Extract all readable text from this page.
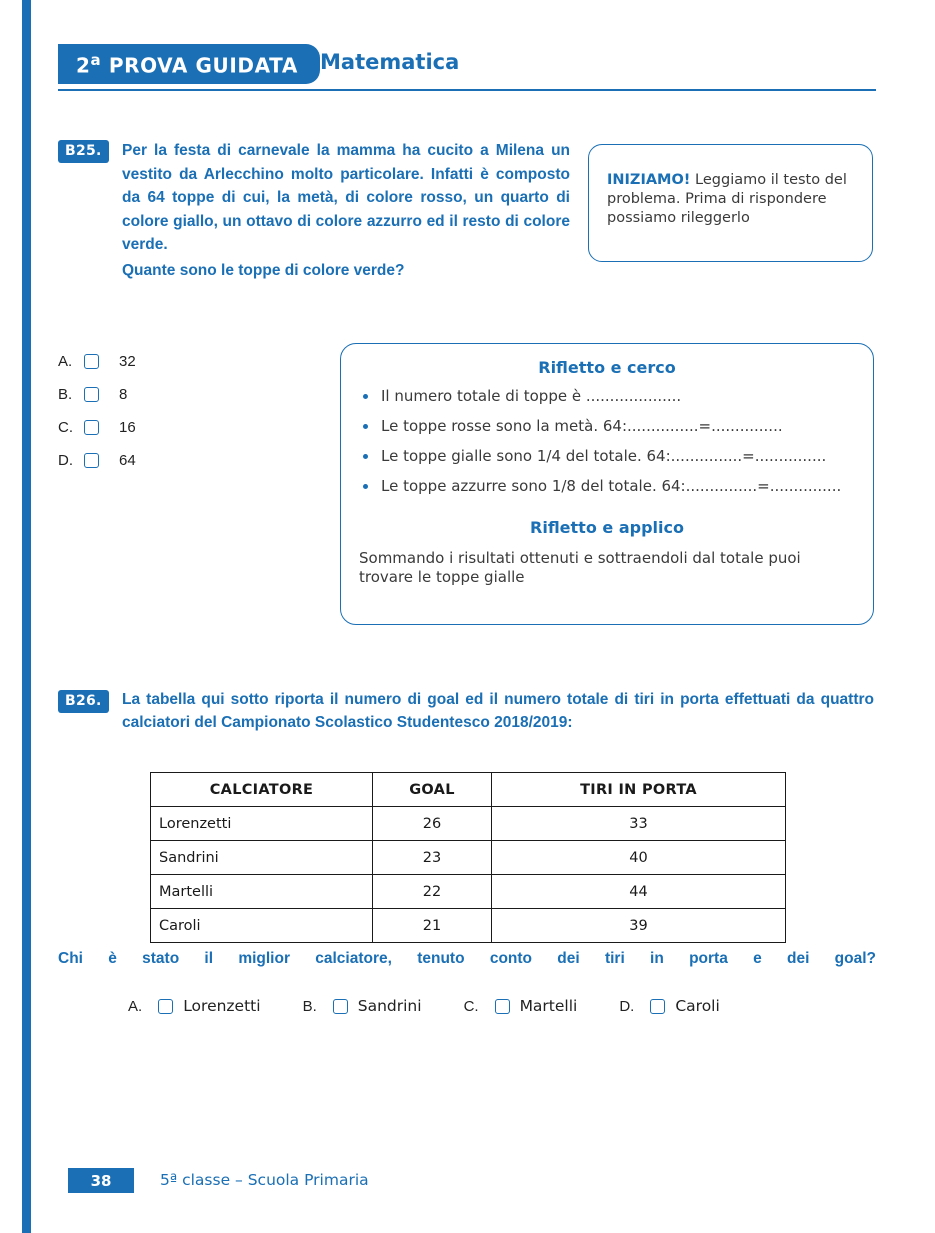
2$^a$ PROVA GUIDATA Matematica
B25.	Per la festa di carnevale la mamma ha cucito a Milena un vestito da Arlecchino molto particolare. Infatti è composto da 64 toppe di cui, la metà, di colore rosso, un quarto di colore giallo, un ottavo di colore azzurro ed il resto di colore verde.
Quante sono le toppe di colore verde?
INIZIAMO! Leggiamo il testo del problema. Prima di rispondere possiamo rileggerlo
A.	32
B.	8
C.	16
D.	64
Rifletto e cerco
Il numero totale di toppe è ....................
Le toppe rosse sono la metà. 64:...............=...............
Le toppe gialle sono 1/4 del totale. 64:...............=...............
Le toppe azzurre sono 1/8 del totale. 64:...............=...............
Rifletto e applico
Sommando i risultati ottenuti e sottraendoli dal totale puoi trovare le toppe gialle
B26.	La tabella qui sotto riporta il numero di goal ed il numero totale di tiri in porta effettuati da quattro calciatori del Campionato Scolastico Studentesco 2018/2019:
CALCIATORE	GOAL	TIRI IN PORTA
Lorenzetti	26	33
Sandrini	23	40
Martelli	22	44
Caroli	21	39
Chi è stato il miglior calciatore, tenuto conto dei tiri in porta e dei goal?
A.	Lorenzetti	B.	Sandrini	C.	Martelli	D.	Caroli
38	5ª classe – Scuola Primaria
